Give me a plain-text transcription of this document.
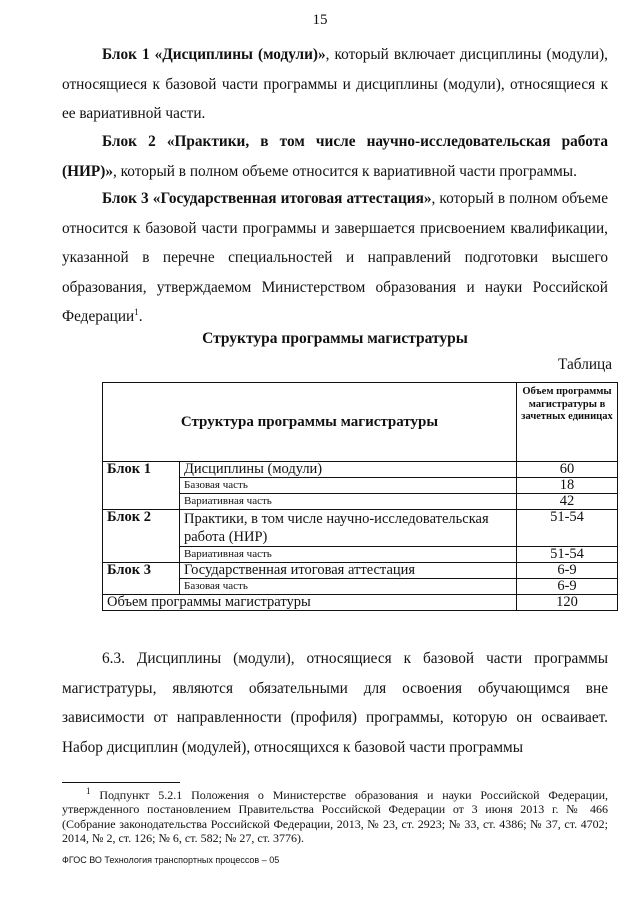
15

Блок 1 «Дисциплины (модули)», который включает дисциплины (модули), относящиеся к базовой части программы и дисциплины (модули), относящиеся к ее вариативной части.

Блок 2 «Практики, в том числе научно-исследовательская работа (НИР)», который в полном объеме относится к вариативной части программы.

Блок 3 «Государственная итоговая аттестация», который в полном объеме относится к базовой части программы и завершается присвоением квалификации, указанной в перечне специальностей и направлений подготовки высшего образования, утверждаемом Министерством образования и науки Российской Федерации$^1$.

Структура программы магистратуры
Таблица
Структура программы магистратуры		Объем программы магистратуры в зачетных единицах
Блок 1	Дисциплины (модули)	60
	Базовая часть	18
	Вариативная часть	42
Блок 2	Практики, в том числе научно-исследовательская работа (НИР)	51-54
	Вариативная часть	51-54
Блок 3	Государственная итоговая аттестация	6-9
	Базовая часть	6-9
Объем программы магистратуры		120

6.3. Дисциплины (модули), относящиеся к базовой части программы магистратуры, являются обязательными для освоения обучающимся вне зависимости от направленности (профиля) программы, которую он осваивает. Набор дисциплин (модулей), относящихся к базовой части программы

$^1$ Подпункт 5.2.1 Положения о Министерстве образования и науки Российской Федерации, утвержденного постановлением Правительства Российской Федерации от 3 июня 2013 г. № 466 (Собрание законодательства Российской Федерации, 2013, № 23, ст. 2923; № 33, ст. 4386; № 37, ст. 4702; 2014, № 2, ст. 126; № 6, ст. 582; № 27, ст. 3776).

ФГОС ВО Технология транспортных процессов – 05
